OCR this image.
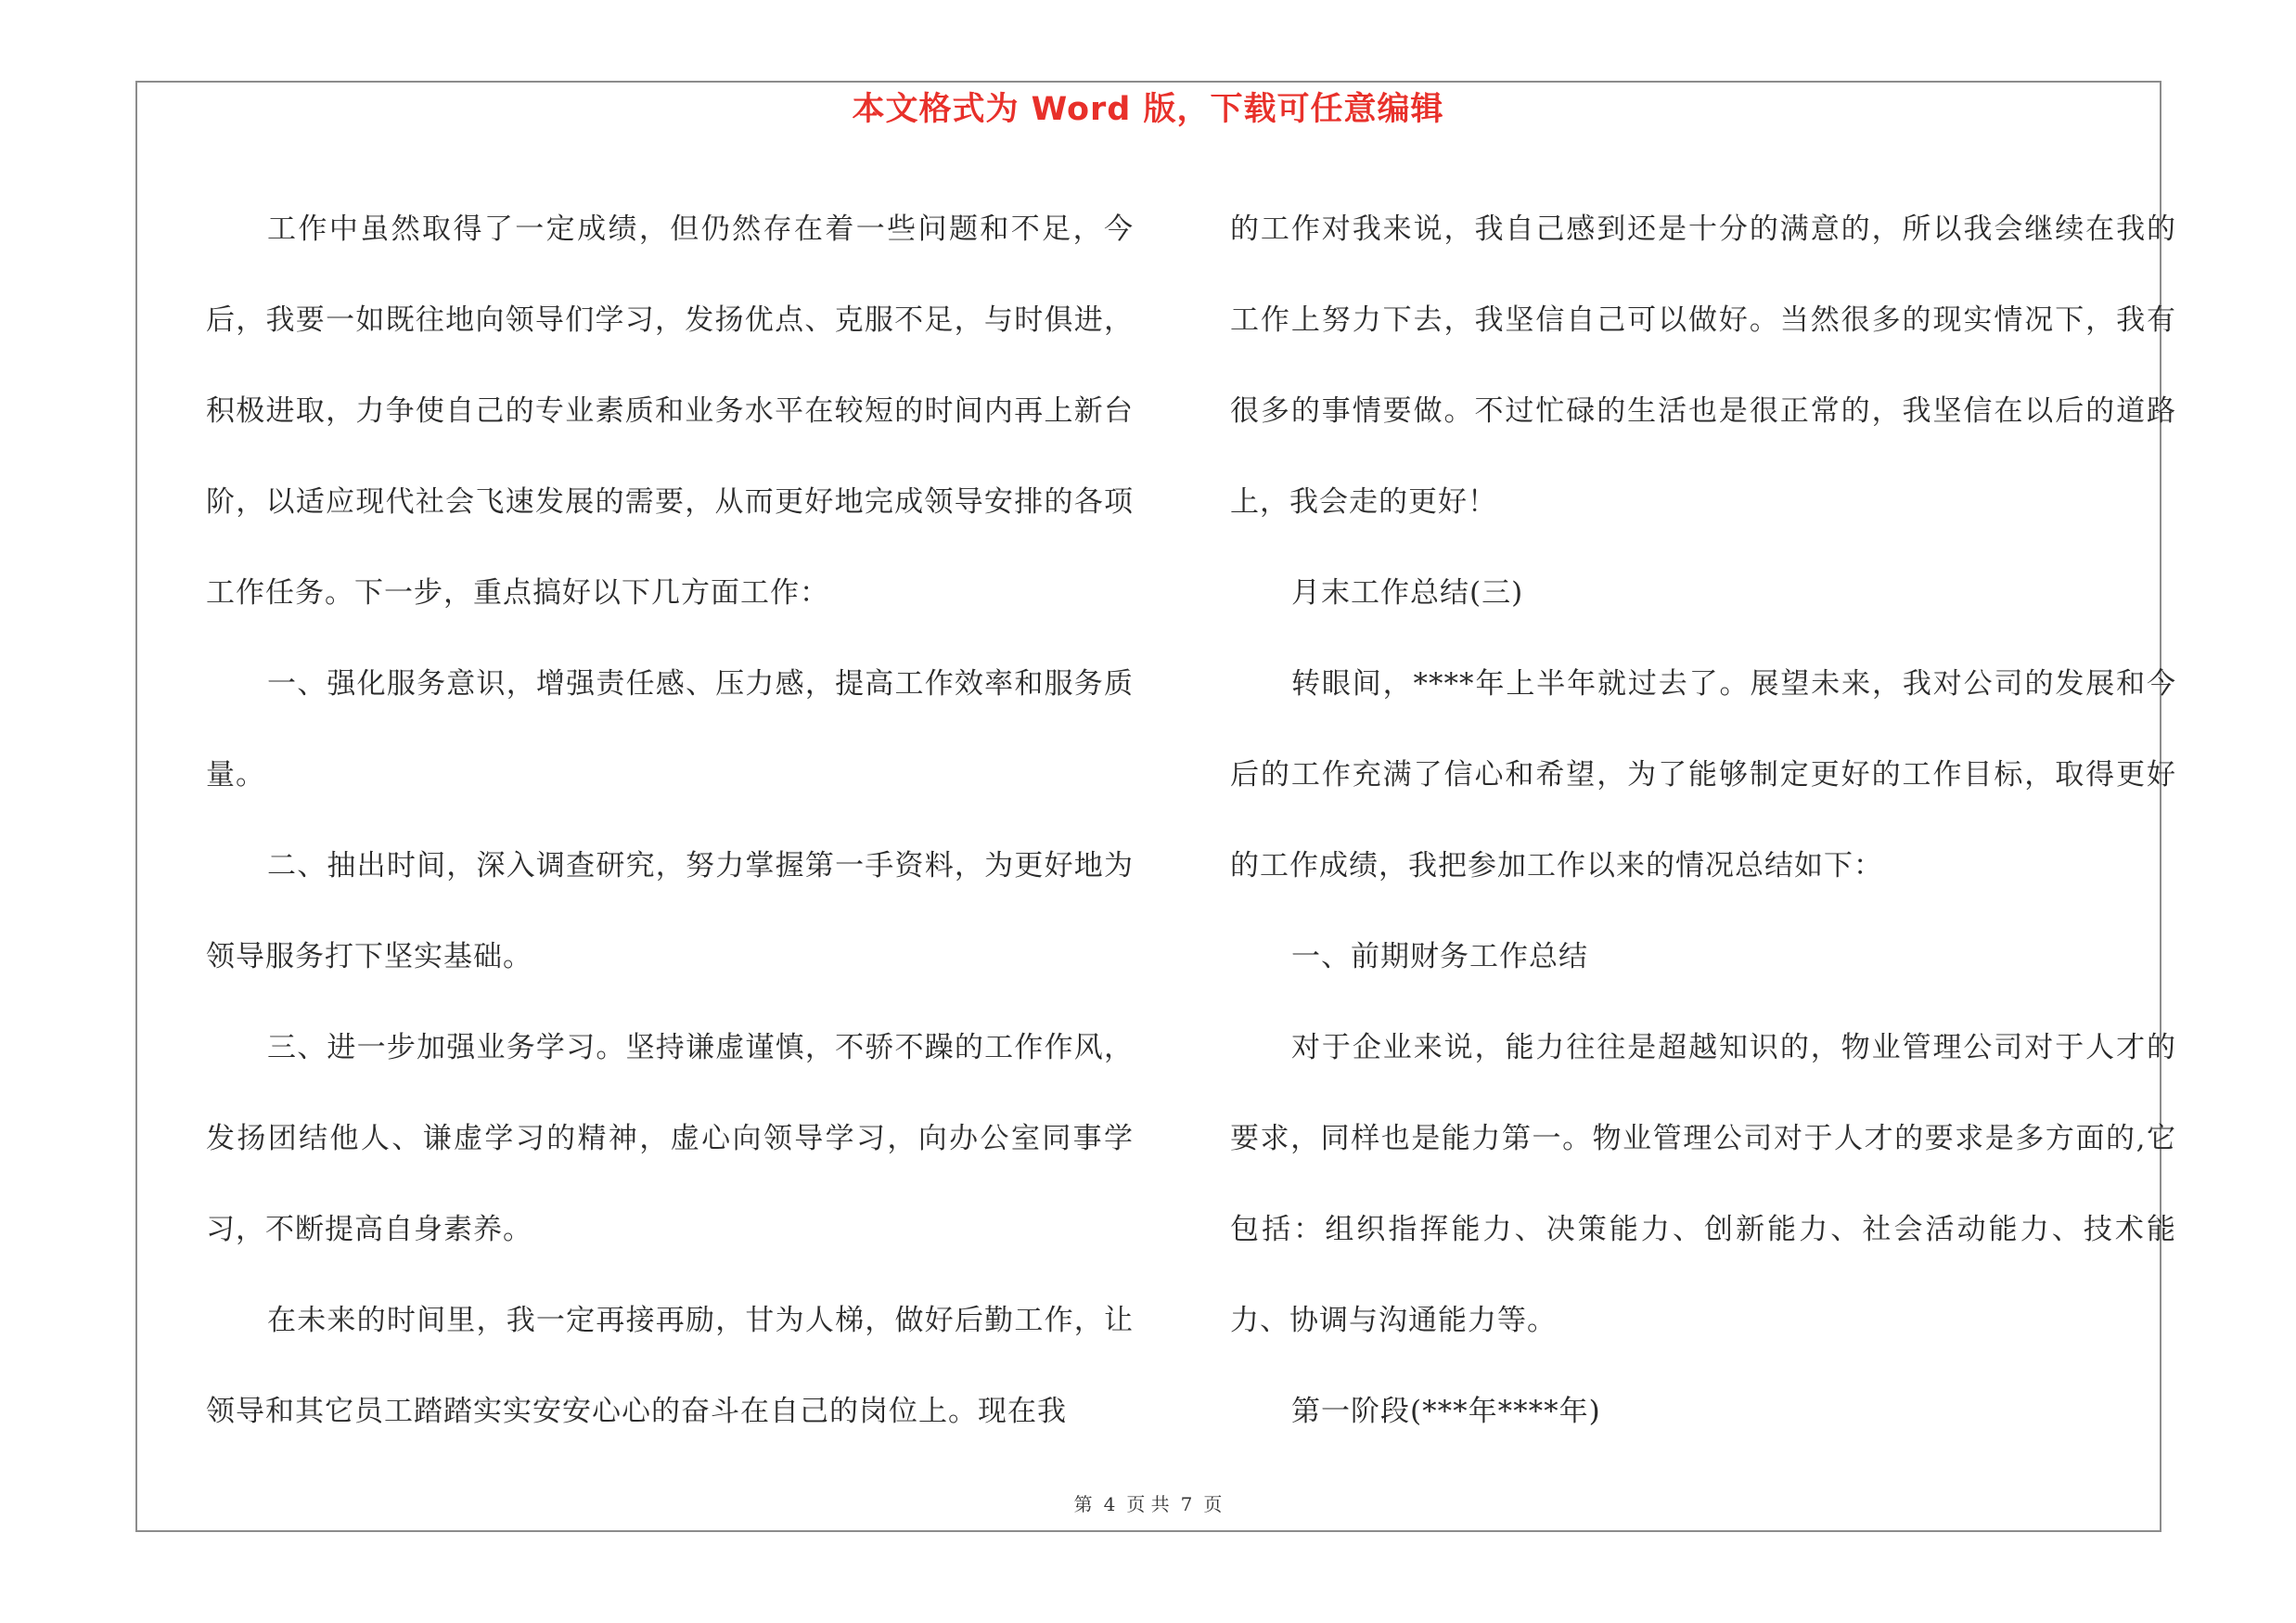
本文格式为 Word 版，下载可任意编辑

工作中虽然取得了一定成绩，但仍然存在着一些问题和不足，今后，我要一如既往地向领导们学习，发扬优点、克服不足，与时俱进，积极进取，力争使自己的专业素质和业务水平在较短的时间内再上新台阶，以适应现代社会飞速发展的需要，从而更好地完成领导安排的各项工作任务。下一步，重点搞好以下几方面工作：

一、强化服务意识，增强责任感、压力感，提高工作效率和服务质量。

二、抽出时间，深入调查研究，努力掌握第一手资料，为更好地为领导服务打下坚实基础。

三、进一步加强业务学习。坚持谦虚谨慎，不骄不躁的工作作风，发扬团结他人、谦虚学习的精神，虚心向领导学习，向办公室同事学习，不断提高自身素养。

在未来的时间里，我一定再接再励，甘为人梯，做好后勤工作，让领导和其它员工踏踏实实安安心心的奋斗在自己的岗位上。现在我

的工作对我来说，我自己感到还是十分的满意的，所以我会继续在我的工作上努力下去，我坚信自己可以做好。当然很多的现实情况下，我有很多的事情要做。不过忙碌的生活也是很正常的，我坚信在以后的道路上，我会走的更好！

月末工作总结(三)

转眼间，****年上半年就过去了。展望未来，我对公司的发展和今后的工作充满了信心和希望，为了能够制定更好的工作目标，取得更好的工作成绩，我把参加工作以来的情况总结如下：

一、前期财务工作总结

对于企业来说，能力往往是超越知识的，物业管理公司对于人才的要求，同样也是能力第一。物业管理公司对于人才的要求是多方面的,它包括：组织指挥能力、决策能力、创新能力、社会活动能力、技术能力、协调与沟通能力等。

第一阶段(***年****年)

第 4 页 共 7 页
